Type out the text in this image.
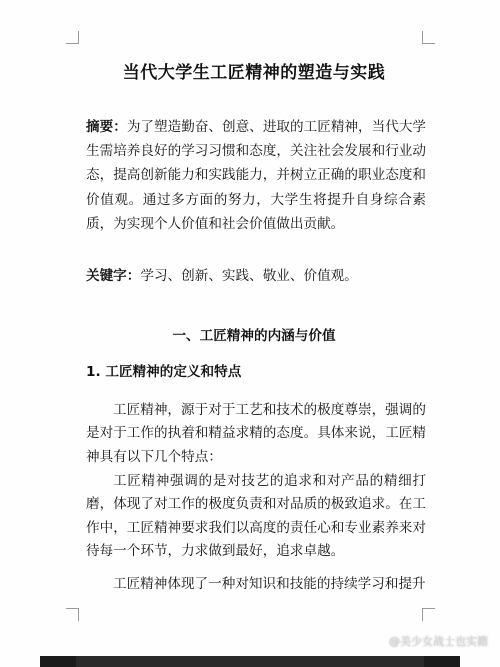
当代大学生工匠精神的塑造与实践
摘要：为了塑造勤奋、创意、进取的工匠精神，当代大学生需培养良好的学习习惯和态度，关注社会发展和行业动态，提高创新能力和实践能力，并树立正确的职业态度和价值观。通过多方面的努力，大学生将提升自身综合素质，为实现个人价值和社会价值做出贡献。
关键字：学习、创新、实践、敬业、价值观。
一、工匠精神的内涵与价值
1. 工匠精神的定义和特点
工匠精神，源于对于工艺和技术的极度尊崇，强调的是对于工作的执着和精益求精的态度。具体来说，工匠精神具有以下几个特点：
工匠精神强调的是对技艺的追求和对产品的精细打磨，体现了对工作的极度负责和对品质的极致追求。在工作中，工匠精神要求我们以高度的责任心和专业素养来对待每一个环节，力求做到最好，追求卓越。
工匠精神体现了一种对知识和技能的持续学习和提升
@美少女战士也实籍
